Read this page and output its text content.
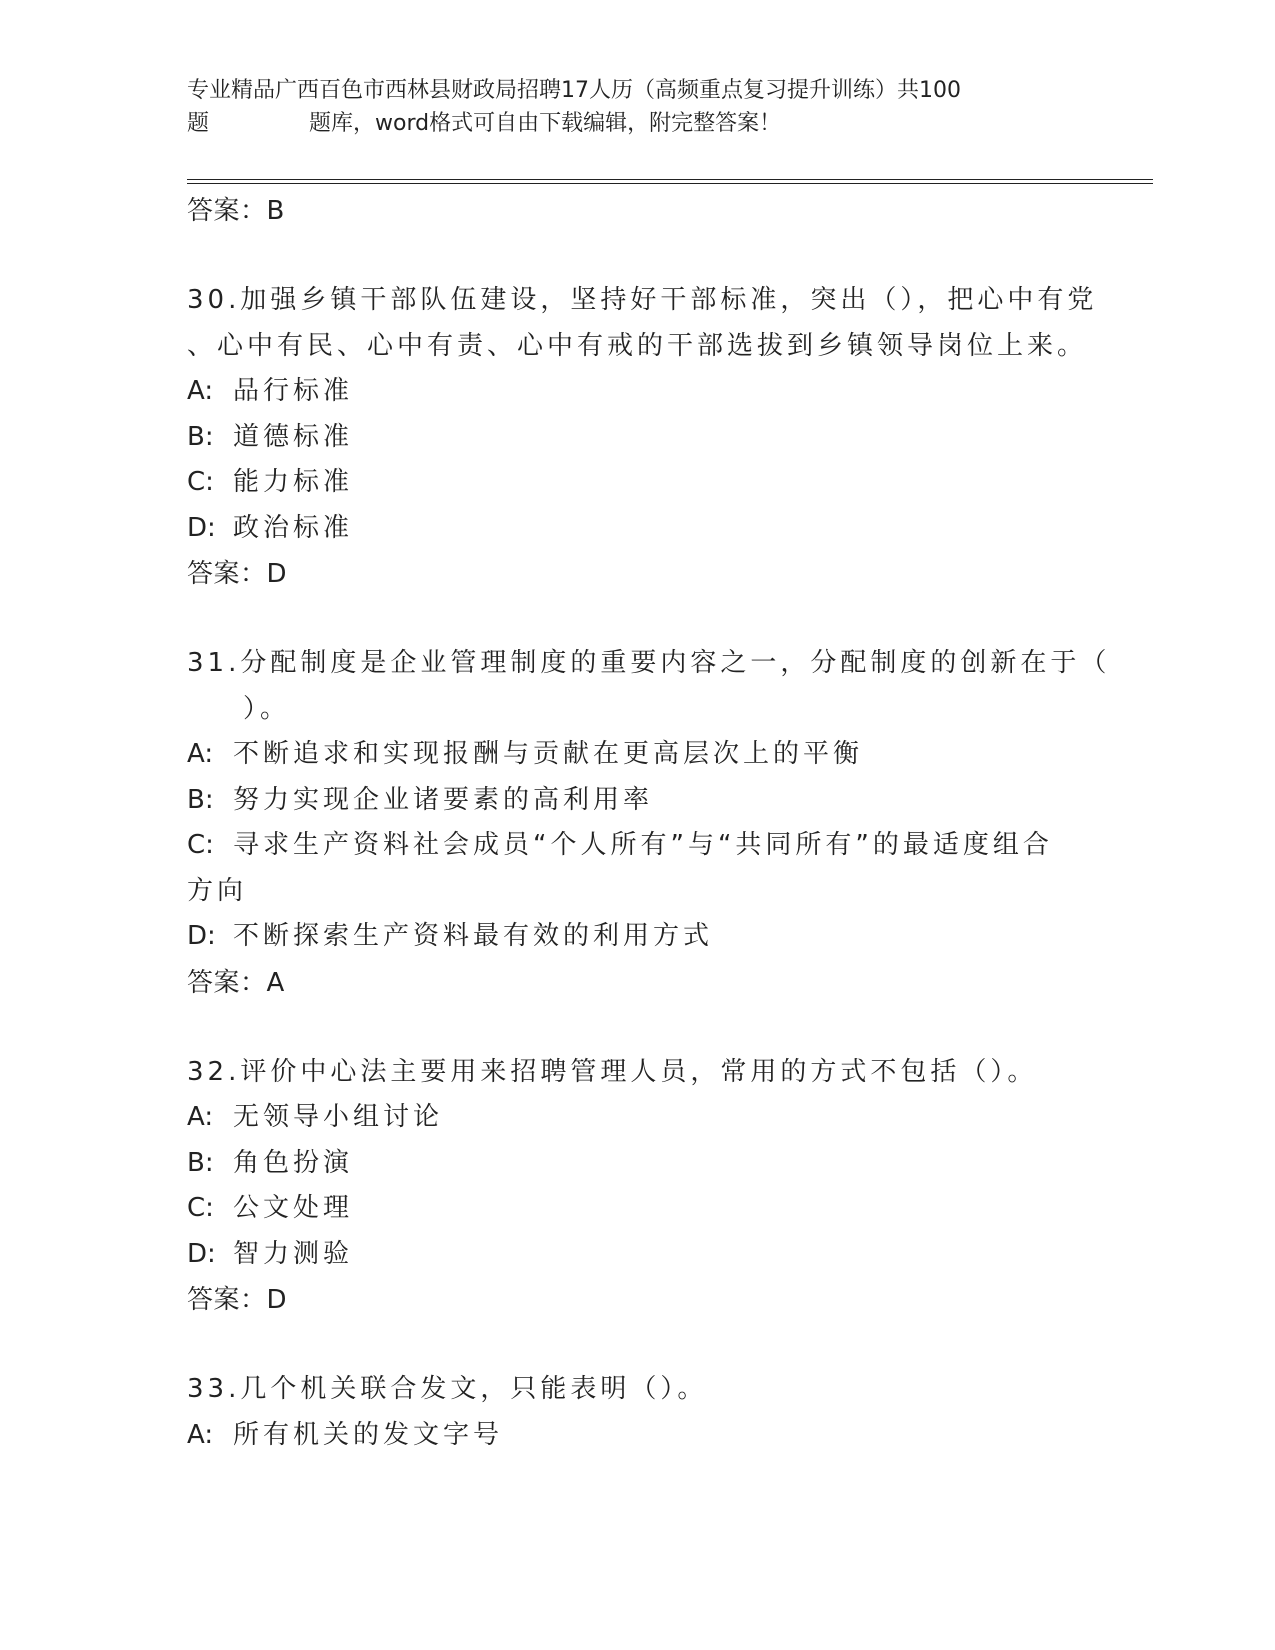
专业精品广西百色市西林县财政局招聘17人历（高频重点复习提升训练）共100
题	题库，word格式可自由下载编辑，附完整答案！
答案：B
30.加强乡镇干部队伍建设，坚持好干部标准，突出（），把心中有党
、心中有民、心中有责、心中有戒的干部选拔到乡镇领导岗位上来。
A: 品行标准
B: 道德标准
C: 能力标准
D: 政治标准
答案：D
31.分配制度是企业管理制度的重要内容之一，分配制度的创新在于（
）。
A: 不断追求和实现报酬与贡献在更高层次上的平衡
B: 努力实现企业诸要素的高利用率
C: 寻求生产资料社会成员“个人所有”与“共同所有”的最适度组合
方向
D: 不断探索生产资料最有效的利用方式
答案：A
32.评价中心法主要用来招聘管理人员，常用的方式不包括（）。
A: 无领导小组讨论
B: 角色扮演
C: 公文处理
D: 智力测验
答案：D
33.几个机关联合发文，只能表明（）。
A: 所有机关的发文字号
